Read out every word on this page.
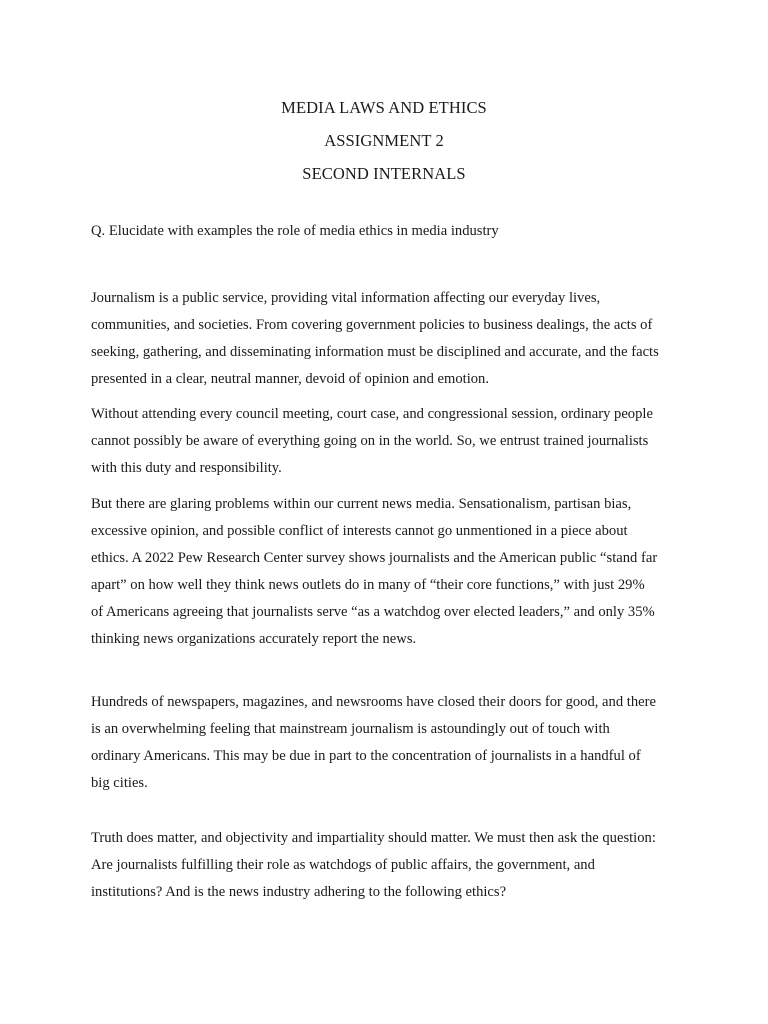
MEDIA LAWS AND ETHICS
ASSIGNMENT 2
SECOND INTERNALS
Q. Elucidate with examples the role of media ethics in media industry
Journalism is a public service, providing vital information affecting our everyday lives,
communities, and societies. From covering government policies to business dealings, the acts of
seeking, gathering, and disseminating information must be disciplined and accurate, and the facts
presented in a clear, neutral manner, devoid of opinion and emotion.
Without attending every council meeting, court case, and congressional session, ordinary people
cannot possibly be aware of everything going on in the world. So, we entrust trained journalists
with this duty and responsibility.
But there are glaring problems within our current news media. Sensationalism, partisan bias,
excessive opinion, and possible conflict of interests cannot go unmentioned in a piece about
ethics. A 2022 Pew Research Center survey shows journalists and the American public “stand far
apart” on how well they think news outlets do in many of “their core functions,” with just 29%
of Americans agreeing that journalists serve “as a watchdog over elected leaders,” and only 35%
thinking news organizations accurately report the news.
Hundreds of newspapers, magazines, and newsrooms have closed their doors for good, and there
is an overwhelming feeling that mainstream journalism is astoundingly out of touch with
ordinary Americans. This may be due in part to the concentration of journalists in a handful of
big cities.
Truth does matter, and objectivity and impartiality should matter. We must then ask the question:
Are journalists fulfilling their role as watchdogs of public affairs, the government, and
institutions? And is the news industry adhering to the following ethics?
